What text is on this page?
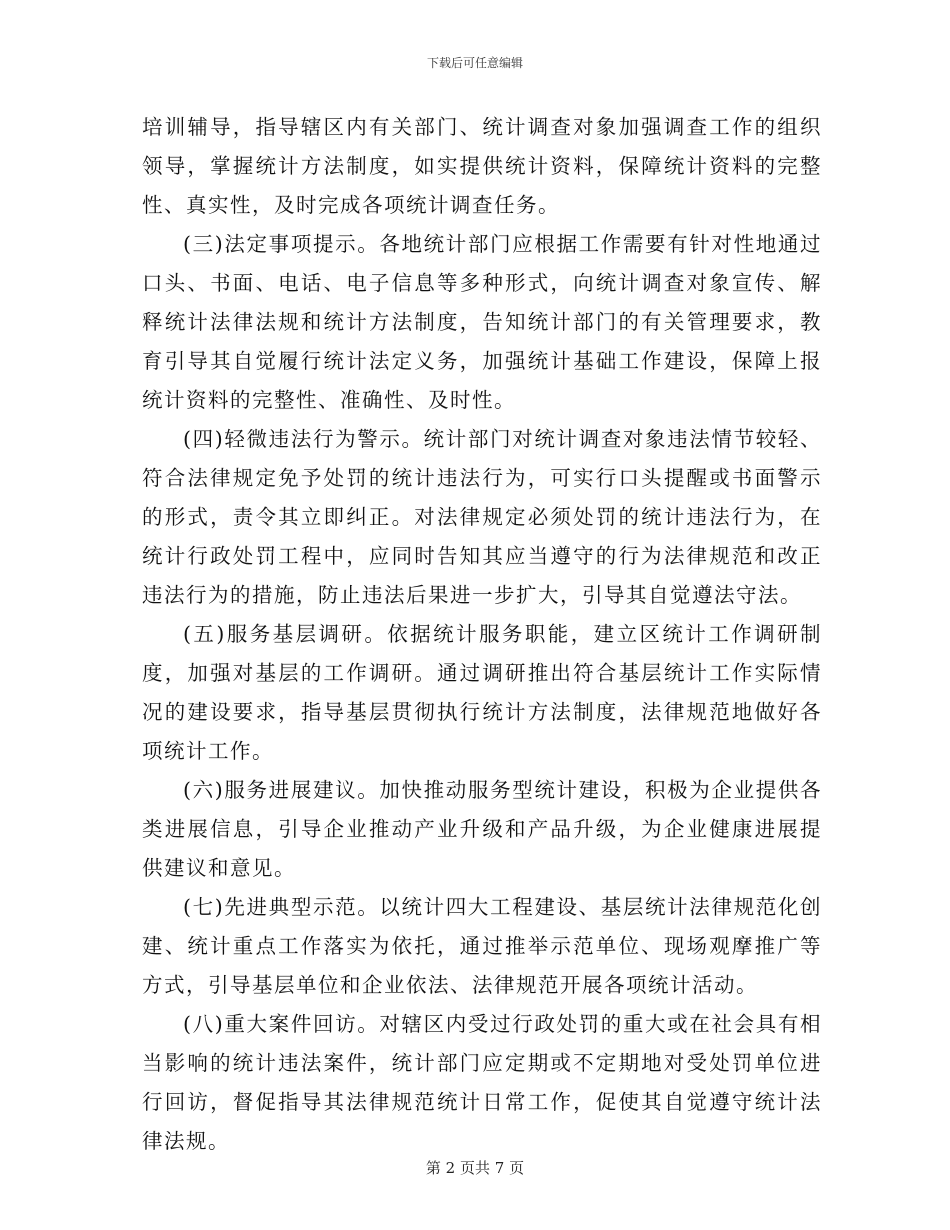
下载后可任意编辑

培训辅导，指导辖区内有关部门、统计调查对象加强调查工作的组织领导，掌握统计方法制度，如实提供统计资料，保障统计资料的完整性、真实性，及时完成各项统计调查任务。

(三)法定事项提示。各地统计部门应根据工作需要有针对性地通过口头、书面、电话、电子信息等多种形式，向统计调查对象宣传、解释统计法律法规和统计方法制度，告知统计部门的有关管理要求，教育引导其自觉履行统计法定义务，加强统计基础工作建设，保障上报统计资料的完整性、准确性、及时性。

(四)轻微违法行为警示。统计部门对统计调查对象违法情节较轻、符合法律规定免予处罚的统计违法行为，可实行口头提醒或书面警示的形式，责令其立即纠正。对法律规定必须处罚的统计违法行为，在统计行政处罚工程中，应同时告知其应当遵守的行为法律规范和改正违法行为的措施，防止违法后果进一步扩大，引导其自觉遵法守法。

(五)服务基层调研。依据统计服务职能，建立区统计工作调研制度，加强对基层的工作调研。通过调研推出符合基层统计工作实际情况的建设要求，指导基层贯彻执行统计方法制度，法律规范地做好各项统计工作。

(六)服务进展建议。加快推动服务型统计建设，积极为企业提供各类进展信息，引导企业推动产业升级和产品升级，为企业健康进展提供建议和意见。

(七)先进典型示范。以统计四大工程建设、基层统计法律规范化创建、统计重点工作落实为依托，通过推举示范单位、现场观摩推广等方式，引导基层单位和企业依法、法律规范开展各项统计活动。

(八)重大案件回访。对辖区内受过行政处罚的重大或在社会具有相当影响的统计违法案件，统计部门应定期或不定期地对受处罚单位进行回访，督促指导其法律规范统计日常工作，促使其自觉遵守统计法律法规。

第 2 页共 7 页
